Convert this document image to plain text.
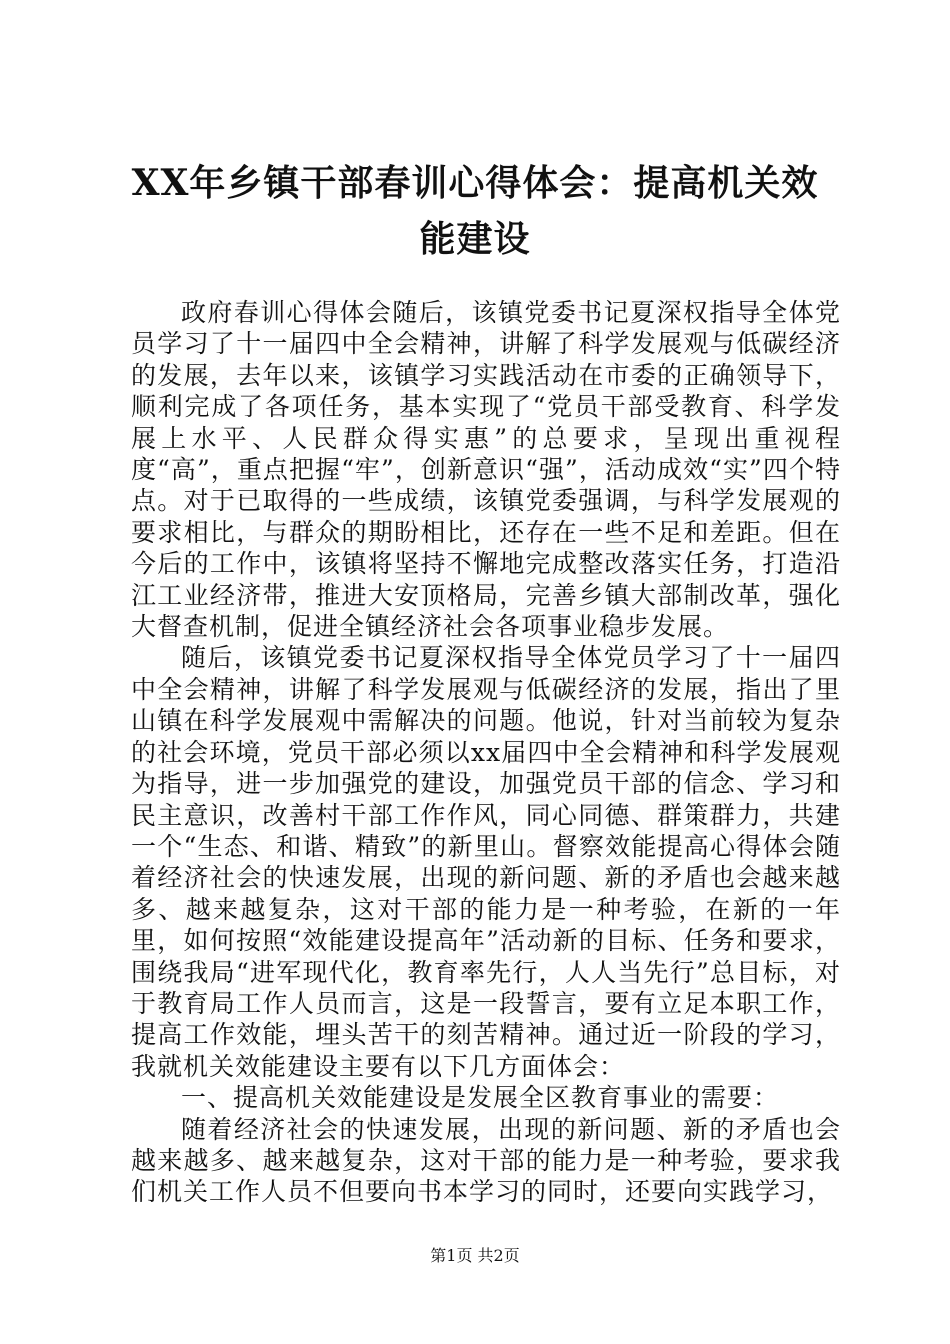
XX年乡镇干部春训心得体会：提高机关效能建设

政府春训心得体会随后，该镇党委书记夏深权指导全体党员学习了十一届四中全会精神，讲解了科学发展观与低碳经济的发展，去年以来，该镇学习实践活动在市委的正确领导下，顺利完成了各项任务，基本实现了“党员干部受教育、科学发展上水平、人民群众得实惠”的总要求，呈现出重视程度“高”，重点把握“牢”，创新意识“强”，活动成效“实”四个特点。对于已取得的一些成绩，该镇党委强调，与科学发展观的要求相比，与群众的期盼相比，还存在一些不足和差距。但在今后的工作中，该镇将坚持不懈地完成整改落实任务，打造沿江工业经济带，推进大安顶格局，完善乡镇大部制改革，强化大督查机制，促进全镇经济社会各项事业稳步发展。

随后，该镇党委书记夏深权指导全体党员学习了十一届四中全会精神，讲解了科学发展观与低碳经济的发展，指出了里山镇在科学发展观中需解决的问题。他说，针对当前较为复杂的社会环境，党员干部必须以xx届四中全会精神和科学发展观为指导，进一步加强党的建设，加强党员干部的信念、学习和民主意识，改善村干部工作作风，同心同德、群策群力，共建一个“生态、和谐、精致”的新里山。督察效能提高心得体会随着经济社会的快速发展，出现的新问题、新的矛盾也会越来越多、越来越复杂，这对干部的能力是一种考验，在新的一年里，如何按照“效能建设提高年”活动新的目标、任务和要求，围绕我局“进军现代化，教育率先行，人人当先行”总目标，对于教育局工作人员而言，这是一段誓言，要有立足本职工作，提高工作效能，埋头苦干的刻苦精神。通过近一阶段的学习，我就机关效能建设主要有以下几方面体会：

一、提高机关效能建设是发展全区教育事业的需要：

随着经济社会的快速发展，出现的新问题、新的矛盾也会越来越多、越来越复杂，这对干部的能力是一种考验，要求我们机关工作人员不但要向书本学习的同时，还要向实践学习，

第1页 共2页
